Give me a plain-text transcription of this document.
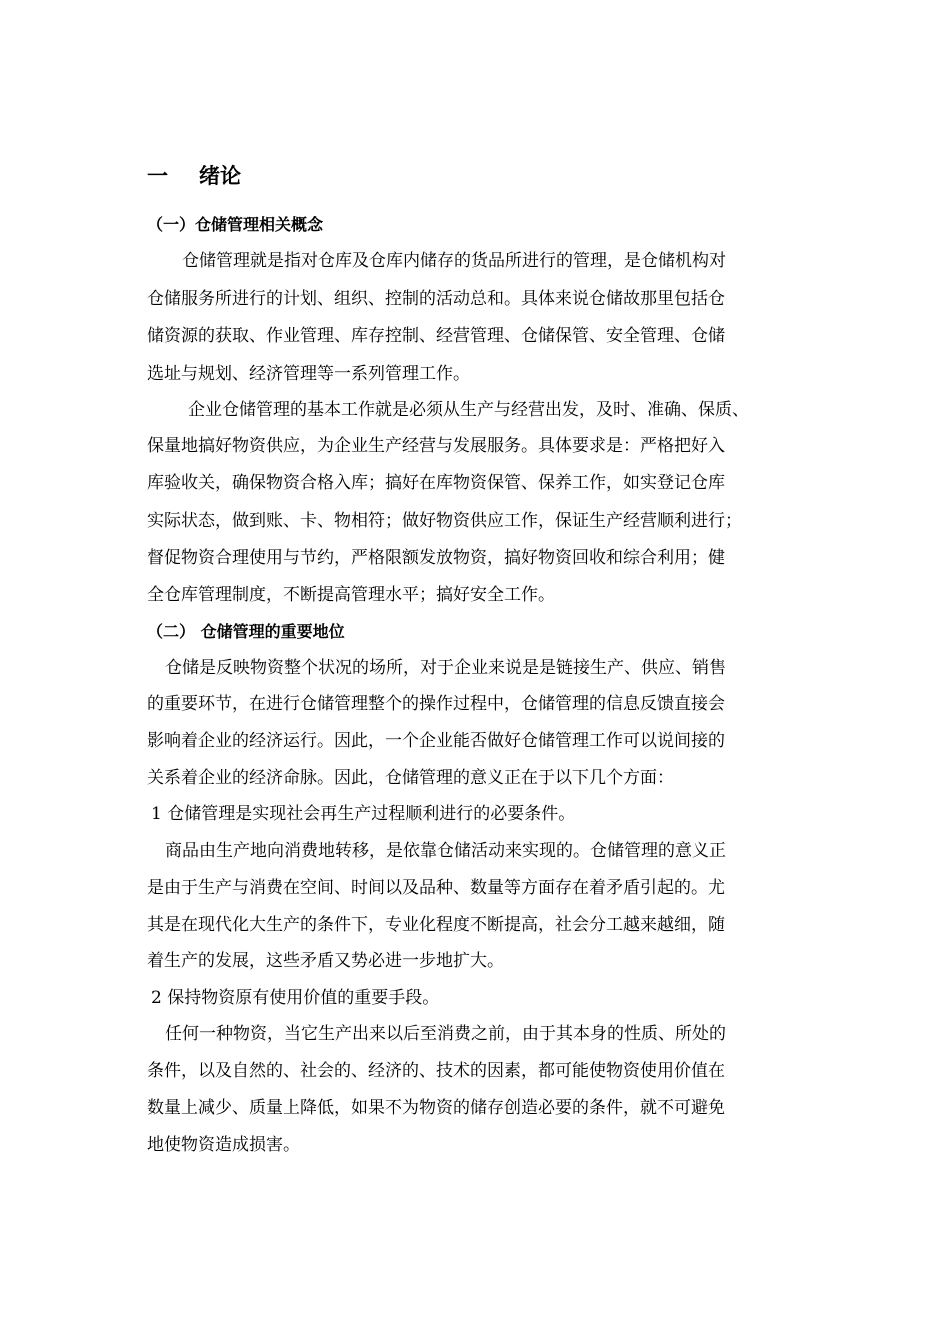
一 绪论
（一）仓储管理相关概念
仓储管理就是指对仓库及仓库内储存的货品所进行的管理，是仓储机构对
仓储服务所进行的计划、组织、控制的活动总和。具体来说仓储故那里包括仓
储资源的获取、作业管理、库存控制、经营管理、仓储保管、安全管理、仓储
选址与规划、经济管理等一系列管理工作。
企业仓储管理的基本工作就是必须从生产与经营出发，及时、准确、保质、
保量地搞好物资供应，为企业生产经营与发展服务。具体要求是：严格把好入
库验收关，确保物资合格入库；搞好在库物资保管、保养工作，如实登记仓库
实际状态，做到账、卡、物相符；做好物资供应工作，保证生产经营顺利进行；
督促物资合理使用与节约，严格限额发放物资，搞好物资回收和综合利用；健
全仓库管理制度，不断提高管理水平；搞好安全工作。
（二） 仓储管理的重要地位
仓储是反映物资整个状况的场所，对于企业来说是是链接生产、供应、销售
的重要环节，在进行仓储管理整个的操作过程中，仓储管理的信息反馈直接会
影响着企业的经济运行。因此，一个企业能否做好仓储管理工作可以说间接的
关系着企业的经济命脉。因此，仓储管理的意义正在于以下几个方面：
1 仓储管理是实现社会再生产过程顺利进行的必要条件。
商品由生产地向消费地转移，是依靠仓储活动来实现的。仓储管理的意义正
是由于生产与消费在空间、时间以及品种、数量等方面存在着矛盾引起的。尤
其是在现代化大生产的条件下，专业化程度不断提高，社会分工越来越细，随
着生产的发展，这些矛盾又势必进一步地扩大。
2 保持物资原有使用价值的重要手段。
任何一种物资，当它生产出来以后至消费之前，由于其本身的性质、所处的
条件，以及自然的、社会的、经济的、技术的因素，都可能使物资使用价值在
数量上减少、质量上降低，如果不为物资的储存创造必要的条件，就不可避免
地使物资造成损害。
